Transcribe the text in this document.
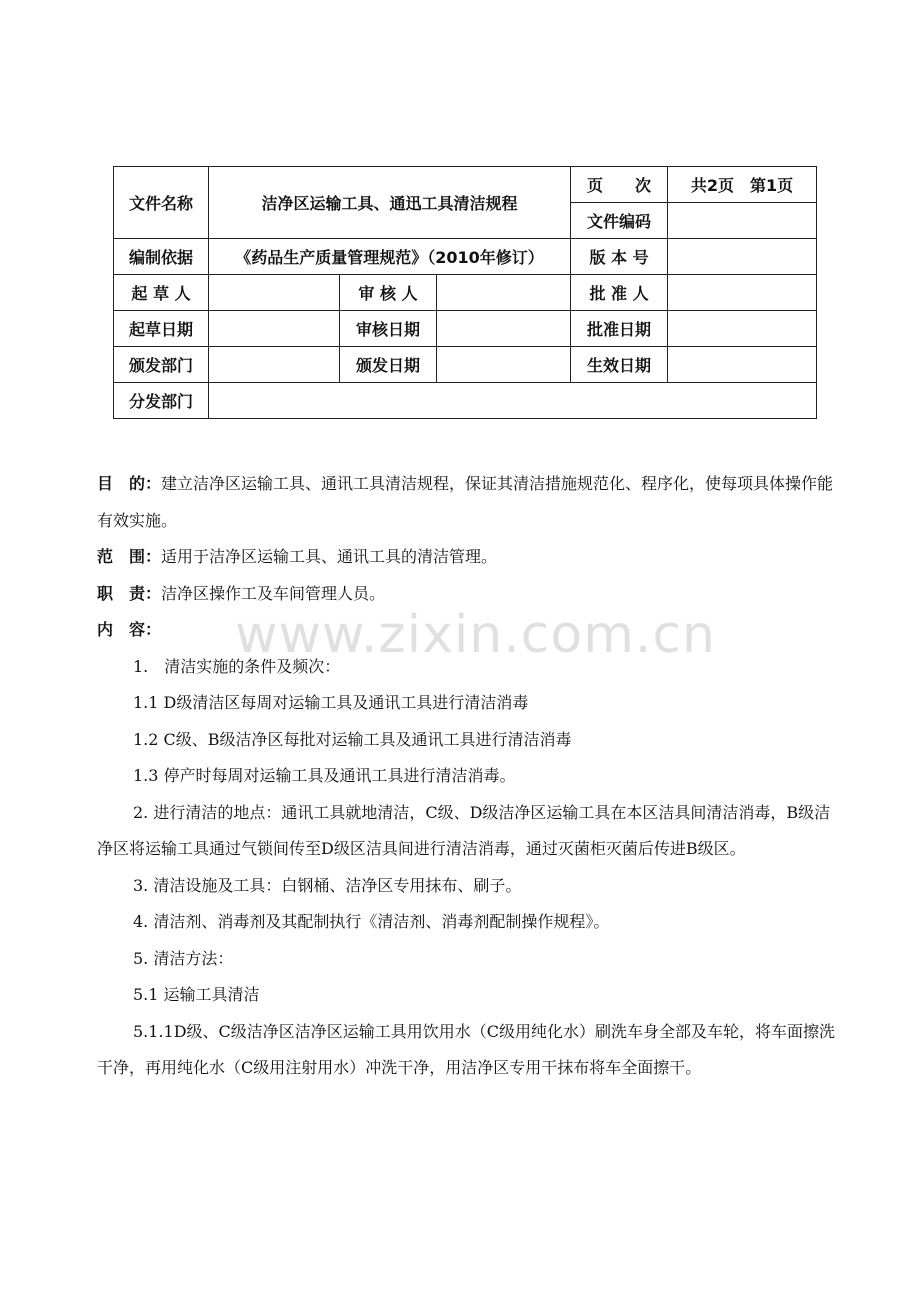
文件名称	洁净区运输工具、通迅工具清洁规程			页　　次	共2页　第1页
				文件编码	
编制依据	《药品生产质量管理规范》（2010年修订）			版 本 号	
起 草 人		审 核 人		批 准 人	
起草日期		审核日期		批准日期	
颁发部门		颁发日期		生效日期	
分发部门					

目　的：建立洁净区运输工具、通讯工具清洁规程，保证其清洁措施规范化、程序化，使每项具体操作能有效实施。

范　围：适用于洁净区运输工具、通讯工具的清洁管理。

职　责：洁净区操作工及车间管理人员。

内　容：

1.　清洁实施的条件及频次：

1.1 D级清洁区每周对运输工具及通讯工具进行清洁消毒

1.2 C级、B级洁净区每批对运输工具及通讯工具进行清洁消毒

1.3 停产时每周对运输工具及通讯工具进行清洁消毒。

2. 进行清洁的地点：通讯工具就地清洁，C级、D级洁净区运输工具在本区洁具间清洁消毒，B级洁净区将运输工具通过气锁间传至D级区洁具间进行清洁消毒，通过灭菌柜灭菌后传进B级区。

3. 清洁设施及工具：白钢桶、洁净区专用抹布、刷子。

4. 清洁剂、消毒剂及其配制执行《清洁剂、消毒剂配制操作规程》。

5. 清洁方法：

5.1 运输工具清洁

5.1.1D级、C级洁净区洁净区运输工具用饮用水（C级用纯化水）刷洗车身全部及车轮，将车面擦洗干净，再用纯化水（C级用注射用水）冲洗干净，用洁净区专用干抹布将车全面擦干。

www.zixin.com.cn
